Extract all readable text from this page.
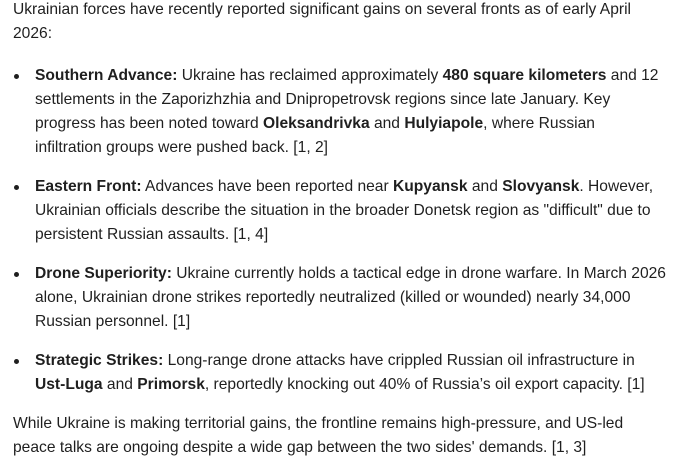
Ukrainian forces have recently reported significant gains on several fronts as of early April 2026:

Southern Advance: Ukraine has reclaimed approximately 480 square kilometers and 12 settlements in the Zaporizhzhia and Dnipropetrovsk regions since late January. Key progress has been noted toward Oleksandrivka and Hulyiapole, where Russian infiltration groups were pushed back. [1, 2]
Eastern Front: Advances have been reported near Kupyansk and Slovyansk. However, Ukrainian officials describe the situation in the broader Donetsk region as "difficult" due to persistent Russian assaults. [1, 4]
Drone Superiority: Ukraine currently holds a tactical edge in drone warfare. In March 2026 alone, Ukrainian drone strikes reportedly neutralized (killed or wounded) nearly 34,000 Russian personnel. [1]
Strategic Strikes: Long-range drone attacks have crippled Russian oil infrastructure in Ust-Luga and Primorsk, reportedly knocking out 40% of Russia’s oil export capacity. [1]

While Ukraine is making territorial gains, the frontline remains high-pressure, and US-led peace talks are ongoing despite a wide gap between the two sides' demands. [1, 3]
